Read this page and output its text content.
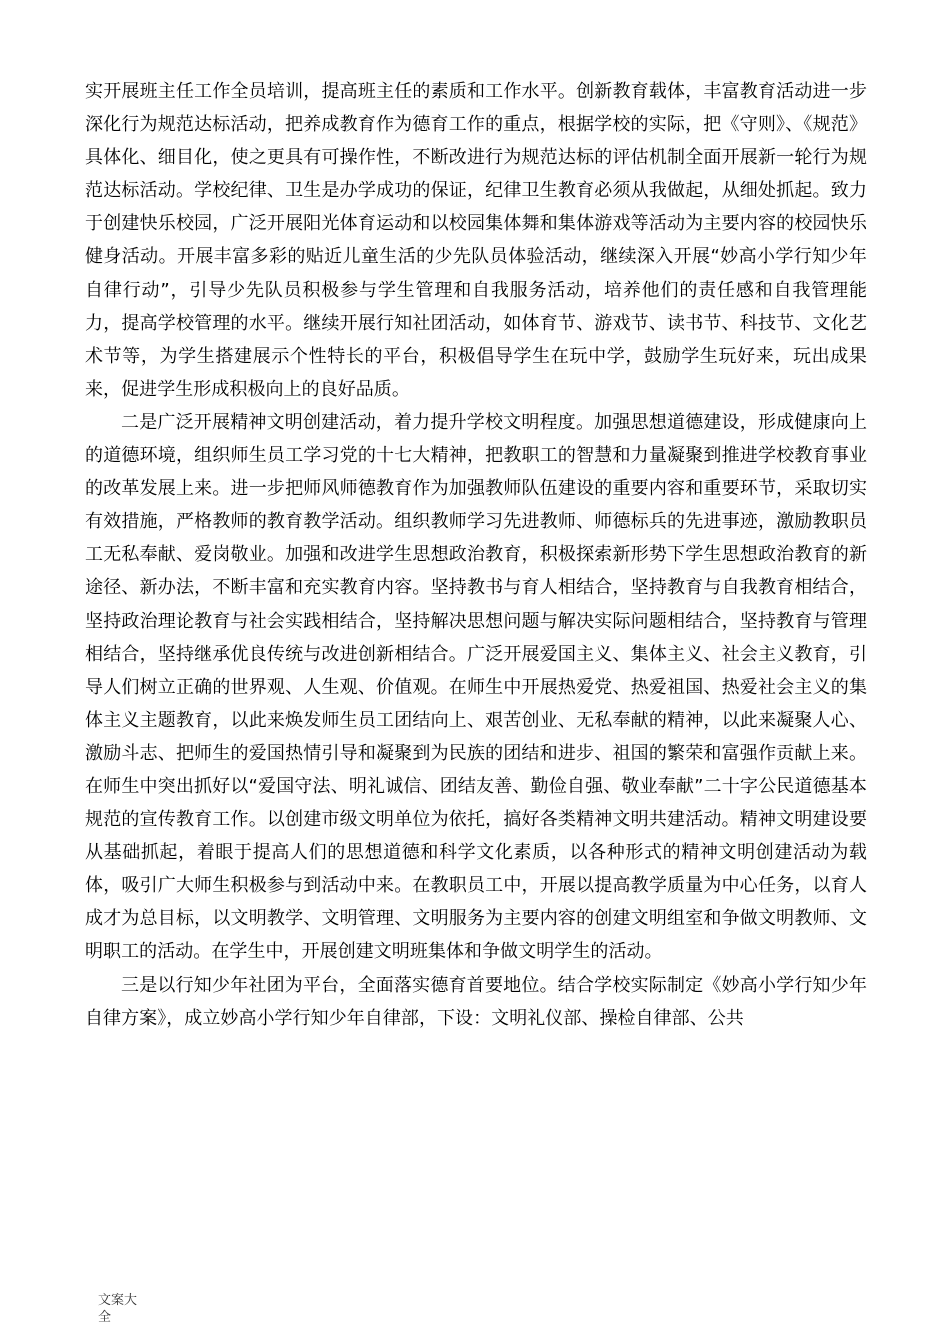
实开展班主任工作全员培训，提高班主任的素质和工作水平。创新教育载体，丰富教育活动进一步深化行为规范达标活动，把养成教育作为德育工作的重点，根据学校的实际，把《守则》、《规范》具体化、细目化，使之更具有可操作性，不断改进行为规范达标的评估机制全面开展新一轮行为规范达标活动。学校纪律、卫生是办学成功的保证，纪律卫生教育必须从我做起，从细处抓起。致力于创建快乐校园，广泛开展阳光体育运动和以校园集体舞和集体游戏等活动为主要内容的校园快乐健身活动。开展丰富多彩的贴近儿童生活的少先队员体验活动，继续深入开展“妙高小学行知少年自律行动”，引导少先队员积极参与学生管理和自我服务活动，培养他们的责任感和自我管理能力，提高学校管理的水平。继续开展行知社团活动，如体育节、游戏节、读书节、科技节、文化艺术节等，为学生搭建展示个性特长的平台，积极倡导学生在玩中学，鼓励学生玩好来，玩出成果来，促进学生形成积极向上的良好品质。

二是广泛开展精神文明创建活动，着力提升学校文明程度。加强思想道德建设，形成健康向上的道德环境，组织师生员工学习党的十七大精神，把教职工的智慧和力量凝聚到推进学校教育事业的改革发展上来。进一步把师风师德教育作为加强教师队伍建设的重要内容和重要环节，采取切实有效措施，严格教师的教育教学活动。组织教师学习先进教师、师德标兵的先进事迹，激励教职员工无私奉献、爱岗敬业。加强和改进学生思想政治教育，积极探索新形势下学生思想政治教育的新途径、新办法，不断丰富和充实教育内容。坚持教书与育人相结合，坚持教育与自我教育相结合，坚持政治理论教育与社会实践相结合，坚持解决思想问题与解决实际问题相结合，坚持教育与管理相结合，坚持继承优良传统与改进创新相结合。广泛开展爱国主义、集体主义、社会主义教育，引导人们树立正确的世界观、人生观、价值观。在师生中开展热爱党、热爱祖国、热爱社会主义的集体主义主题教育，以此来焕发师生员工团结向上、艰苦创业、无私奉献的精神，以此来凝聚人心、激励斗志、把师生的爱国热情引导和凝聚到为民族的团结和进步、祖国的繁荣和富强作贡献上来。在师生中突出抓好以“爱国守法、明礼诚信、团结友善、勤俭自强、敬业奉献”二十字公民道德基本规范的宣传教育工作。以创建市级文明单位为依托，搞好各类精神文明共建活动。精神文明建设要从基础抓起，着眼于提高人们的思想道德和科学文化素质，以各种形式的精神文明创建活动为载体，吸引广大师生积极参与到活动中来。在教职员工中，开展以提高教学质量为中心任务，以育人成才为总目标，以文明教学、文明管理、文明服务为主要内容的创建文明组室和争做文明教师、文明职工的活动。在学生中，开展创建文明班集体和争做文明学生的活动。

三是以行知少年社团为平台，全面落实德育首要地位。结合学校实际制定《妙高小学行知少年自律方案》，成立妙高小学行知少年自律部，下设：文明礼仪部、操检自律部、公共

文案大全
